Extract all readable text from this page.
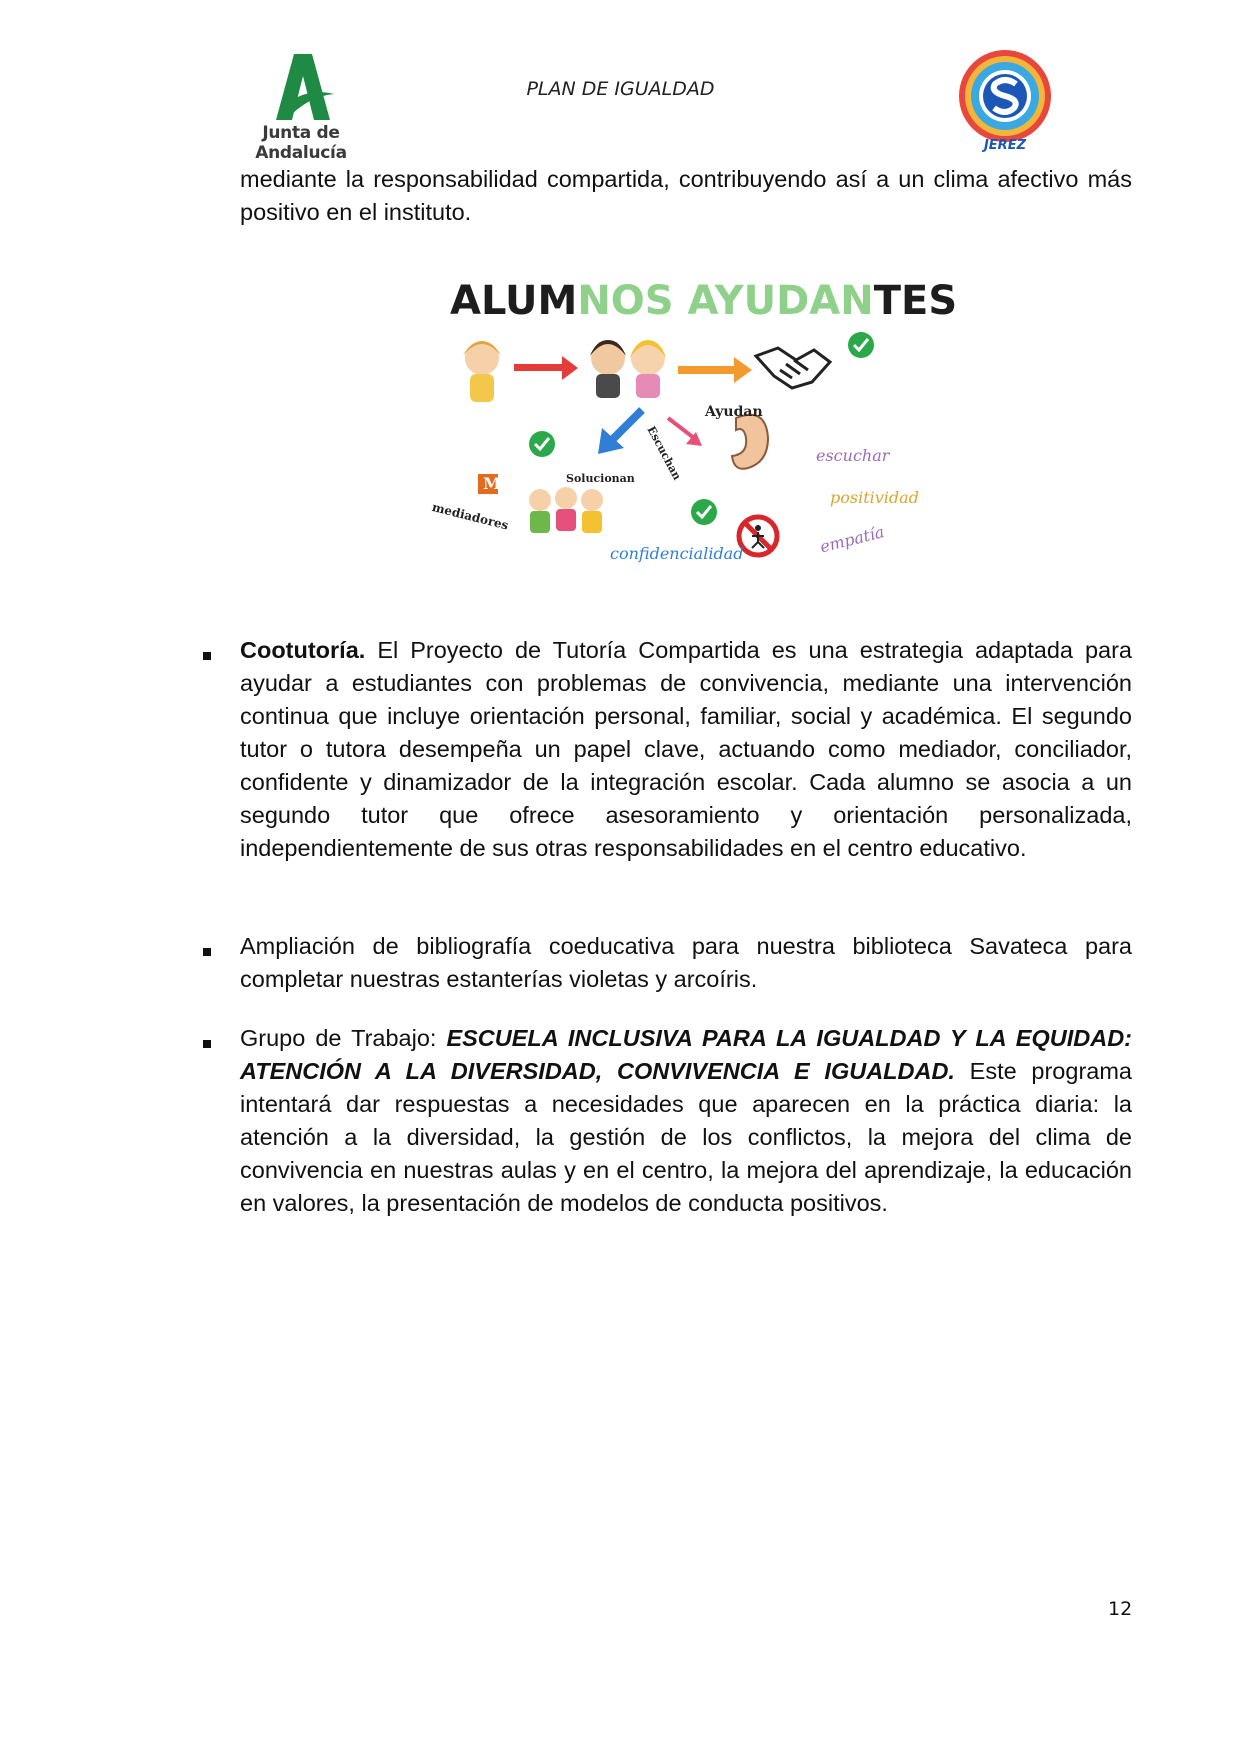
Junta de Andalucía
PLAN DE IGUALDAD
JEREZ

mediante la responsabilidad compartida, contribuyendo así a un clima afectivo más positivo en el instituto.

ALUMNOS AYUDANTES
Ayudan
Solucionan Escuchan
mediadores
M
escuchar
positividad
empatía
confidencialidad

Cootutoría. El Proyecto de Tutoría Compartida es una estrategia adaptada para ayudar a estudiantes con problemas de convivencia, mediante una intervención continua que incluye orientación personal, familiar, social y académica. El segundo tutor o tutora desempeña un papel clave, actuando como mediador, conciliador, confidente y dinamizador de la integración escolar. Cada alumno se asocia a un segundo tutor que ofrece asesoramiento y orientación personalizada, independientemente de sus otras responsabilidades en el centro educativo.

Ampliación de bibliografía coeducativa para nuestra biblioteca Savateca para completar nuestras estanterías violetas y arcoíris.

Grupo de Trabajo: ESCUELA INCLUSIVA PARA LA IGUALDAD Y LA EQUIDAD: ATENCIÓN A LA DIVERSIDAD, CONVIVENCIA E IGUALDAD. Este programa intentará dar respuestas a necesidades que aparecen en la práctica diaria: la atención a la diversidad, la gestión de los conflictos, la mejora del clima de convivencia en nuestras aulas y en el centro, la mejora del aprendizaje, la educación en valores, la presentación de modelos de conducta positivos.

12
